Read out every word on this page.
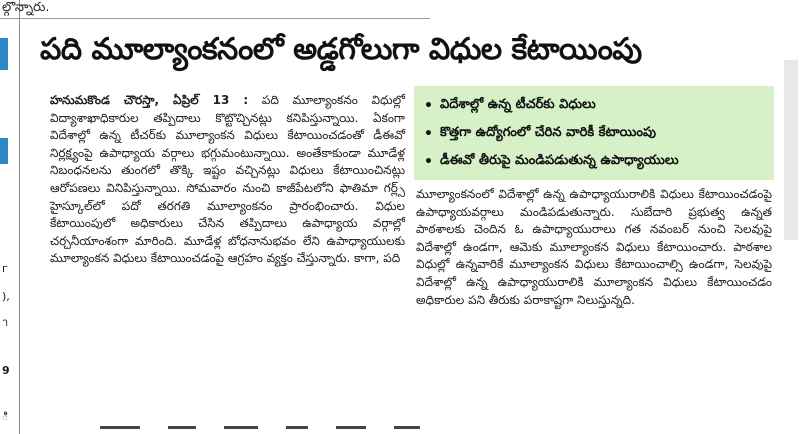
г
),
า
9
ి
ల్గొన్నారు.
పది మూల్యాంకనంలో అడ్డగోలుగా విధుల కేటాయింపు

హనుమకొండ చౌరస్తా, ఏప్రిల్ 13 : పది మూల్యాంకనం విధుల్లో విద్యాశాఖాధికారుల తప్పిదాలు కొట్టొచ్చినట్లు కనిపిస్తున్నాయి. ఏకంగా విదేశాల్లో ఉన్న టీచర్‌కు మూల్యాంకన విధులు కేటాయించడంతో డీఈవో నిర్లక్ష్యంపై ఉపాధ్యాయ వర్గాలు భగ్గుమంటున్నాయి. అంతేకాకుండా మూడేళ్ల నిబంధనలను తుంగలో తొక్కి ఇష్టం వచ్చినట్లు విధులు కేటాయించినట్లు ఆరోపణలు వినిపిస్తున్నాయి. సోమవారం నుంచి కాజీపేటలోని ఫాతిమా గర్ల్స్ హైస్కూల్‌లో పదో తరగతి మూల్యాంకనం ప్రారంభించారు. విధుల కేటాయింపులో అధికారులు చేసిన తప్పిదాలు ఉపాధ్యాయ వర్గాల్లో చర్చనీయాంశంగా మారింది. మూడేళ్ల బోధనానుభవం లేని ఉపాధ్యాయులకు మూల్యాంకన విధులు కేటాయించడంపై ఆగ్రహం వ్యక్తం చేస్తున్నారు. కాగా, పది

• విదేశాల్లో ఉన్న టీచర్‌కు విధులు
• కొత్తగా ఉద్యోగంలో చేరిన వారికీ కేటాయింపు
• డీఈవో తీరుపై మండిపడుతున్న ఉపాధ్యాయులు

మూల్యాంకనంలో విదేశాల్లో ఉన్న ఉపాధ్యాయురాలికి విధులు కేటాయించడంపై ఉపాధ్యాయవర్గాలు మండిపడుతున్నారు. సుబేదారి ప్రభుత్వ ఉన్నత పాఠశాలకు చెందిన ఓ ఉపాధ్యాయురాలు గత నవంబర్ నుంచి సెలవుపై విదేశాల్లో ఉండగా, ఆమెకు మూల్యాంకన విధులు కేటాయించారు. పాఠశాల విధుల్లో ఉన్నవారికే మూల్యాంకన విధులు కేటాయించాల్సి ఉండగా, సెలవుపై విదేశాల్లో ఉన్న ఉపాధ్యాయురాలికి మూల్యాంకన విధులు కేటాయించడం అధికారుల పని తీరుకు పరాకాష్టగా నిలుస్తున్నది.
